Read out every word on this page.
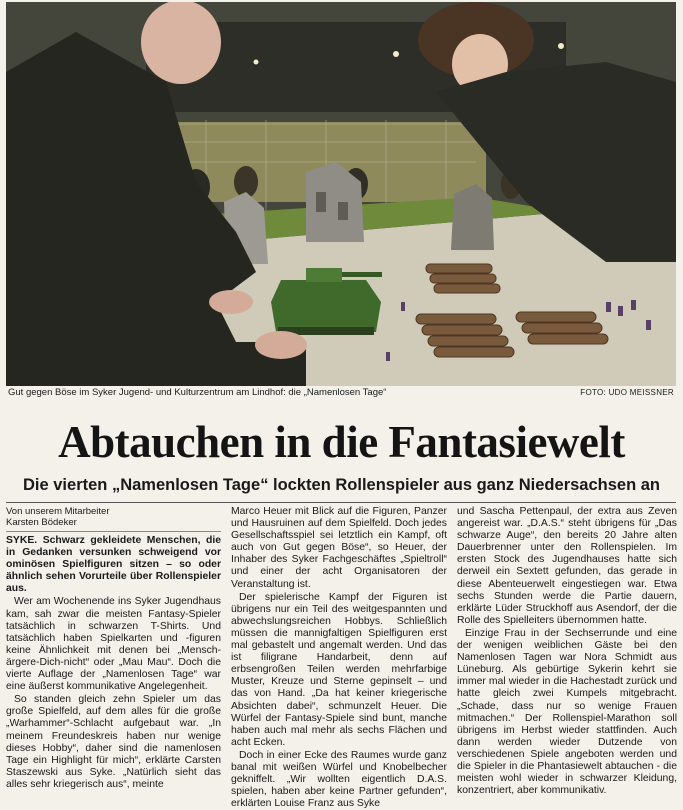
Gut gegen Böse im Syker Jugend- und Kulturzentrum am Lindhof: die „Namenlosen Tage“	FOTO: UDO MEISSNER
Abtauchen in die Fantasiewelt
Die vierten „Namenlosen Tage“ lockten Rollenspieler aus ganz Niedersachsen an
Von unserem Mitarbeiter
Karsten Bödeker

SYKE. Schwarz gekleidete Menschen, die in Gedanken versunken schweigend vor ominösen Spielfiguren sitzen – so oder ähnlich sehen Vorurteile über Rollenspieler aus.

Wer am Wochenende ins Syker Jugendhaus kam, sah zwar die meisten Fantasy-Spieler tatsächlich in schwarzen T-Shirts. Und tatsächlich haben Spielkarten und -figuren keine Ähnlichkeit mit denen bei „Mensch-ärgere-Dich-nicht“ oder „Mau Mau“. Doch die vierte Auflage der „Namenlosen Tage“ war eine äußerst kommunikative Angelegenheit.

So standen gleich zehn Spieler um das große Spielfeld, auf dem alles für die große „Warhammer“-Schlacht aufgebaut war. „In meinem Freundeskreis haben nur wenige dieses Hobby“, daher sind die namenlosen Tage ein Highlight für mich“, erklärte Carsten Staszewski aus Syke. „Natürlich sieht das alles sehr kriegerisch aus“, meinte

Marco Heuer mit Blick auf die Figuren, Panzer und Hausruinen auf dem Spielfeld. Doch jedes Gesellschaftsspiel sei letztlich ein Kampf, oft auch von Gut gegen Böse“, so Heuer, der Inhaber des Syker Fachgeschäftes „Spieltroll“ und einer der acht Organisatoren der Veranstaltung ist.

Der spielerische Kampf der Figuren ist übrigens nur ein Teil des weitgespannten und abwechslungsreichen Hobbys. Schließlich müssen die mannigfaltigen Spielfiguren erst mal gebastelt und angemalt werden. Und das ist filigrane Handarbeit, denn auf erbsengroßen Teilen werden mehrfarbige Muster, Kreuze und Sterne gepinselt – und das von Hand. „Da hat keiner kriegerische Absichten dabei“, schmunzelt Heuer. Die Würfel der Fantasy-Spiele sind bunt, manche haben auch mal mehr als sechs Flächen und acht Ecken.

Doch in einer Ecke des Raumes wurde ganz banal mit weißen Würfel und Knobelbecher gekniffelt. „Wir wollten eigentlich D.A.S. spielen, haben aber keine Partner gefunden“, erklärten Louise Franz aus Syke

und Sascha Pettenpaul, der extra aus Zeven angereist war. „D.A.S.“ steht übrigens für „Das schwarze Auge“, den bereits 20 Jahre alten Dauerbrenner unter den Rollenspielen. Im ersten Stock des Jugendhauses hatte sich derweil ein Sextett gefunden, das gerade in diese Abenteuerwelt eingestiegen war. Etwa sechs Stunden werde die Partie dauern, erklärte Lüder Struckhoff aus Asendorf, der die Rolle des Spielleiters übernommen hatte.

Einzige Frau in der Sechserrunde und eine der wenigen weiblichen Gäste bei den Namenlosen Tagen war Nora Schmidt aus Lüneburg. Als gebürtige Sykerin kehrt sie immer mal wieder in die Hachestadt zurück und hatte gleich zwei Kumpels mitgebracht. „Schade, dass nur so wenige Frauen mitmachen.“ Der Rollenspiel-Marathon soll übrigens im Herbst wieder stattfinden. Auch dann werden wieder Dutzende von verschiedenen Spiele angeboten werden und die Spieler in die Phantasiewelt abtauchen - die meisten wohl wieder in schwarzer Kleidung, konzentriert, aber kommunikativ.
